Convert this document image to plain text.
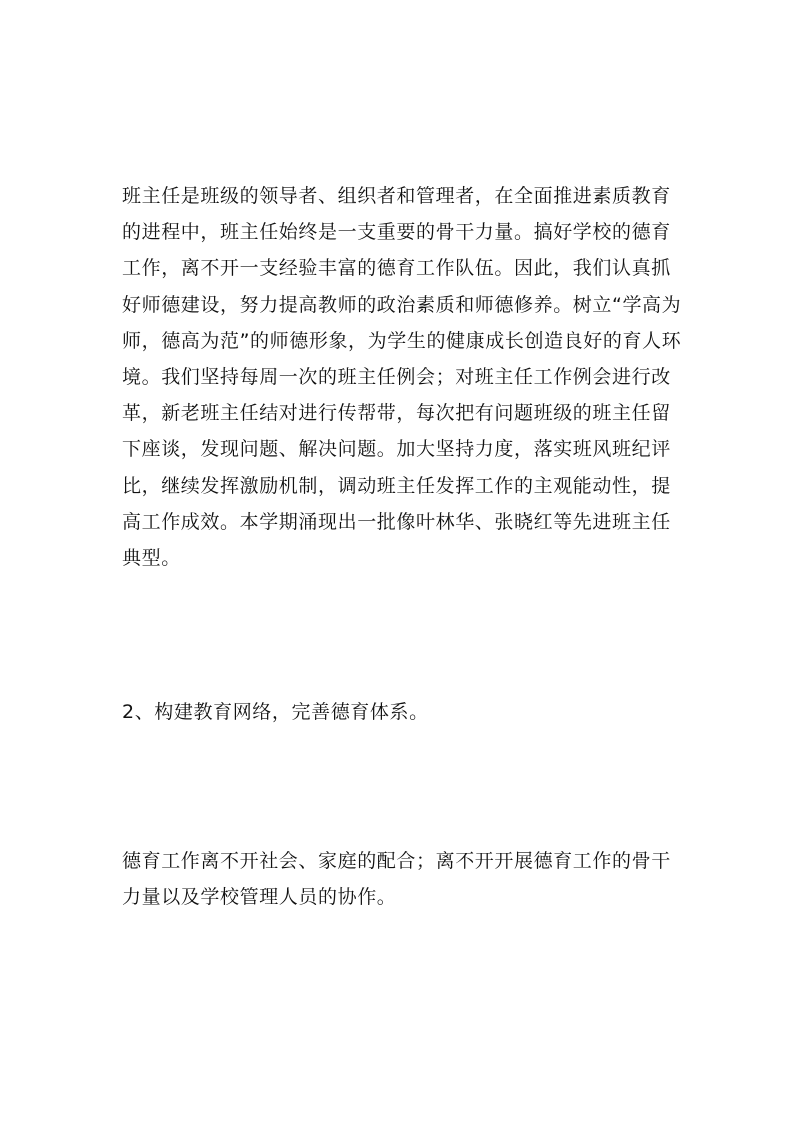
班主任是班级的领导者、组织者和管理者，在全面推进素质教育的进程中，班主任始终是一支重要的骨干力量。搞好学校的德育工作，离不开一支经验丰富的德育工作队伍。因此，我们认真抓好师德建设，努力提高教师的政治素质和师德修养。树立“学高为师，德高为范”的师德形象，为学生的健康成长创造良好的育人环境。我们坚持每周一次的班主任例会；对班主任工作例会进行改革，新老班主任结对进行传帮带，每次把有问题班级的班主任留下座谈，发现问题、解决问题。加大坚持力度，落实班风班纪评比，继续发挥激励机制，调动班主任发挥工作的主观能动性，提高工作成效。本学期涌现出一批像叶林华、张晓红等先进班主任典型。

2、构建教育网络，完善德育体系。

德育工作离不开社会、家庭的配合；离不开开展德育工作的骨干力量以及学校管理人员的协作。
